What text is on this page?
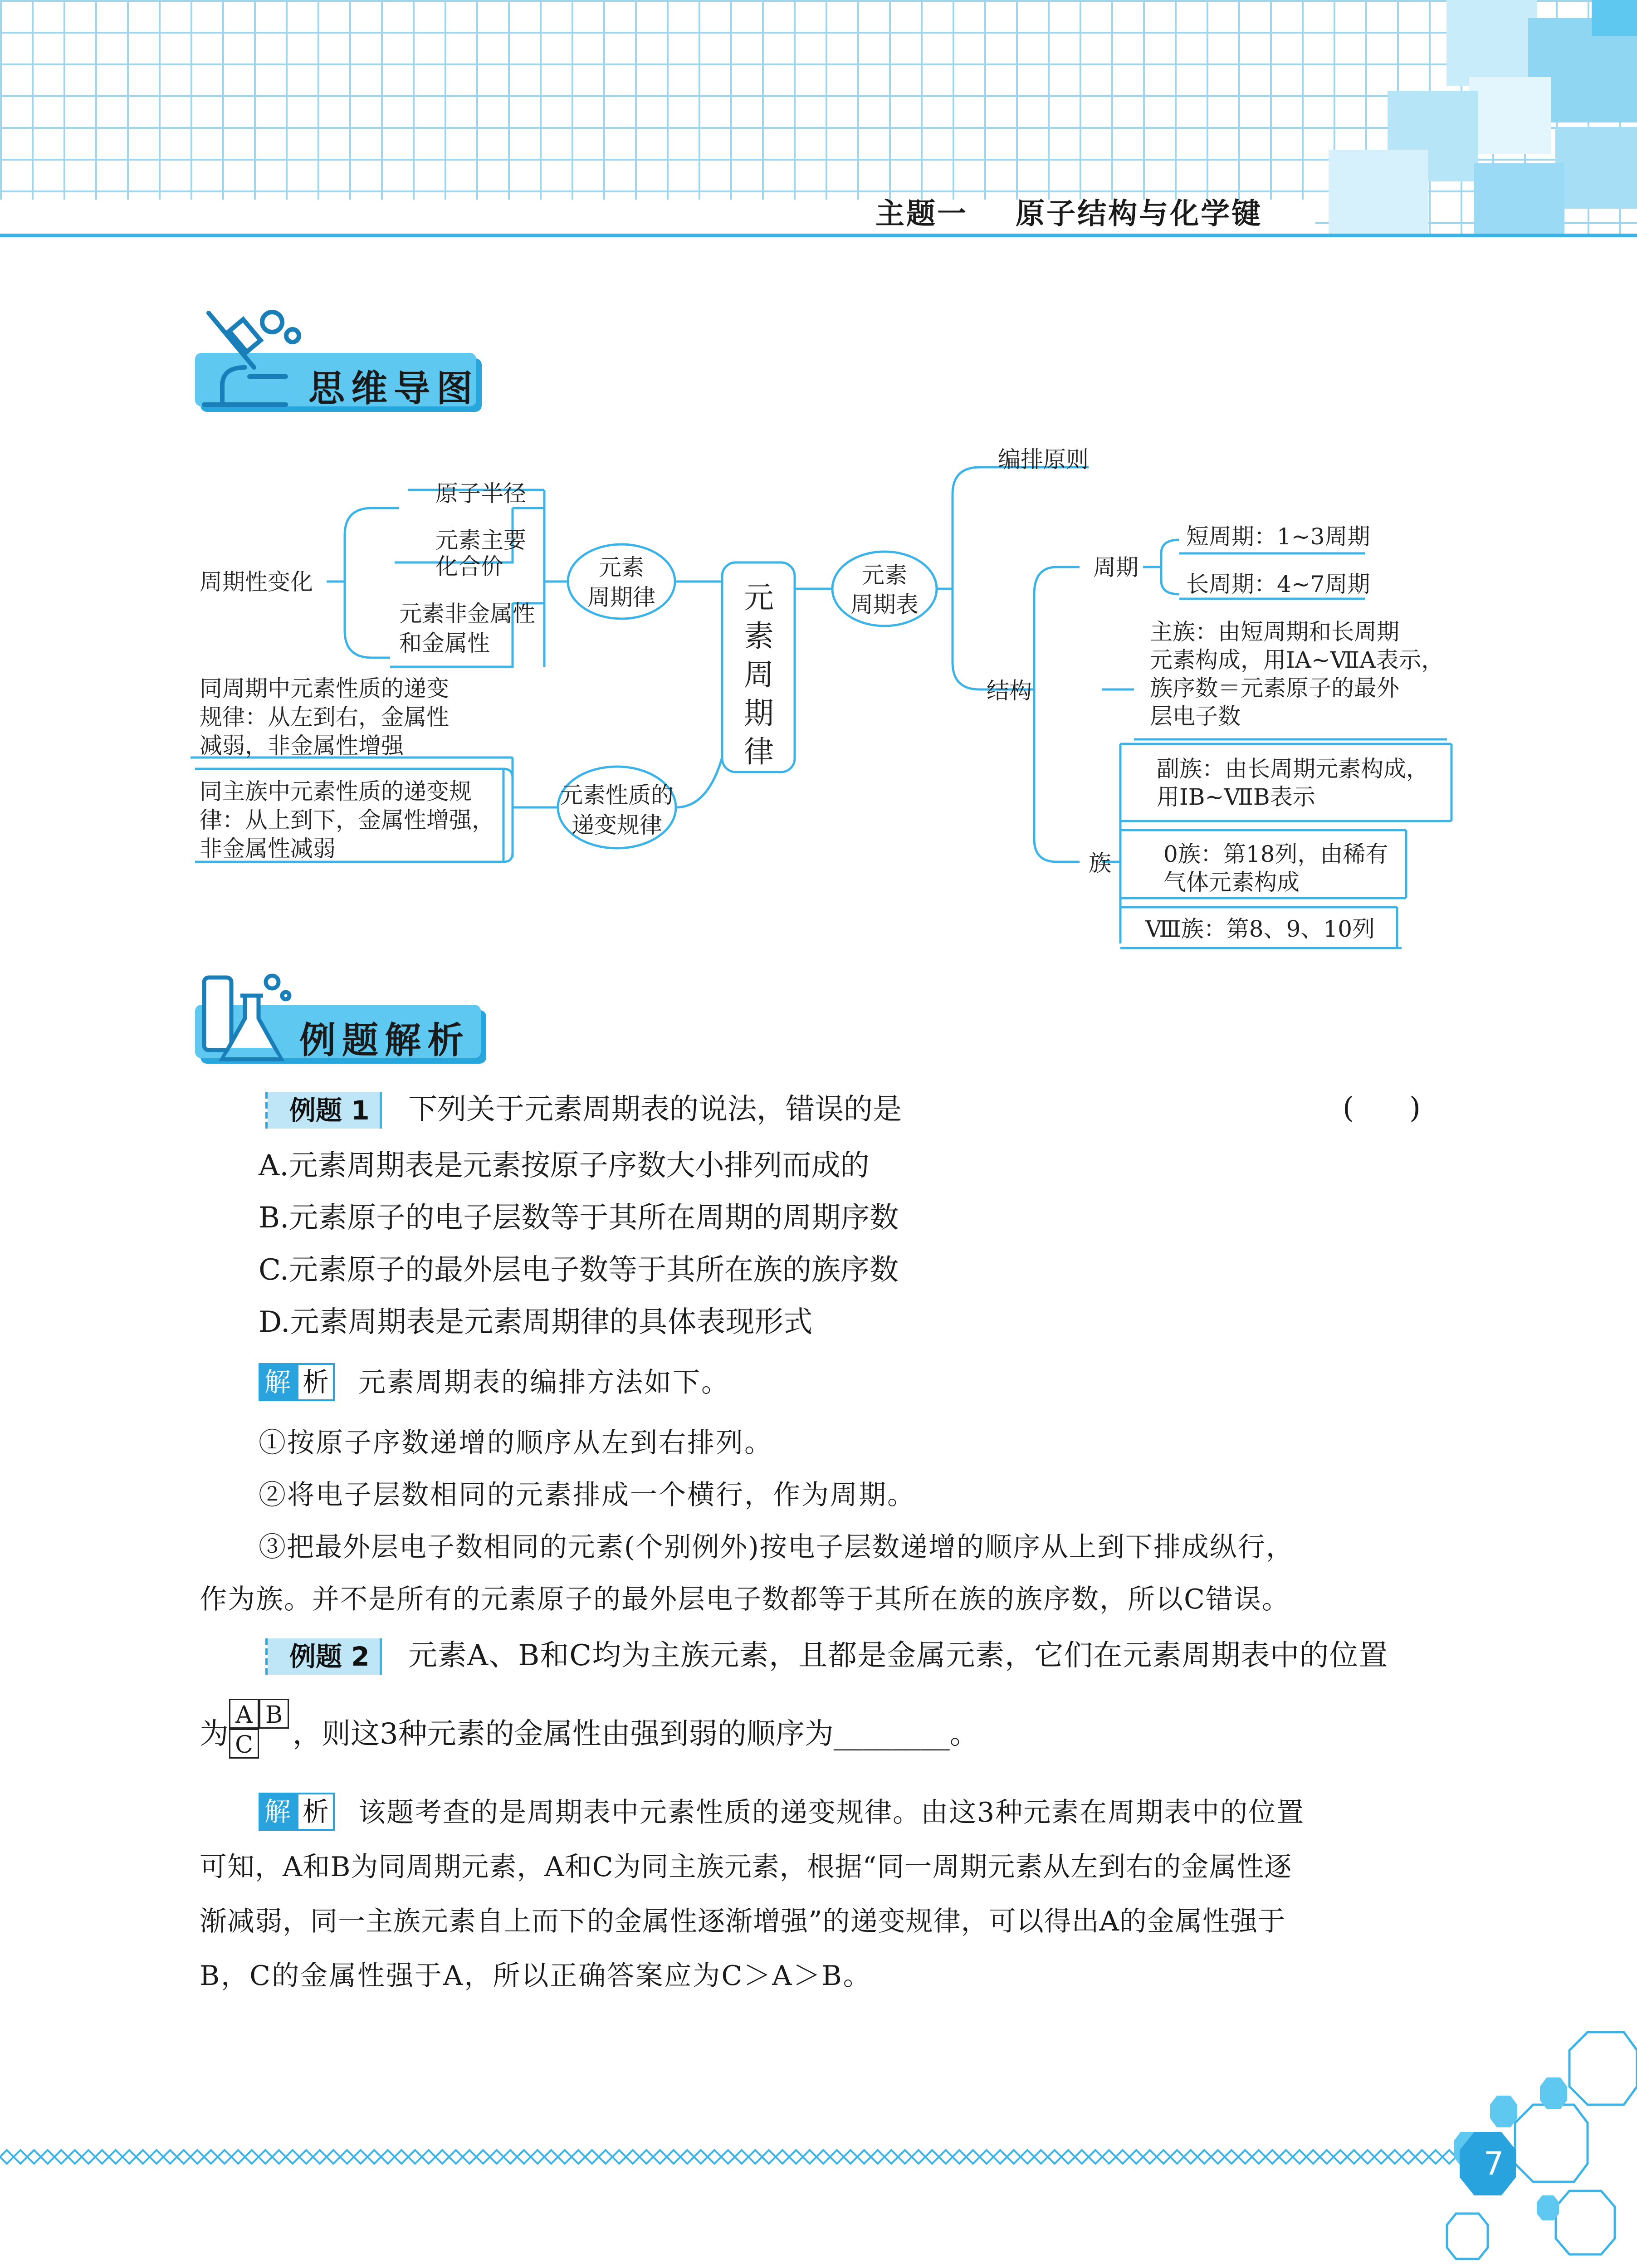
主题一    原子结构与化学键
思维导图
元
素
周
期
律
元素
周期律
元素性质的
递变规律
周期性变化
原子半径
元素主要
化合价
元素非金属性
和金属性
同周期中元素性质的递变
规律：从左到右，金属性
减弱，非金属性增强
同主族中元素性质的递变规
律：从上到下，金属性增强，
非金属性减弱
元素
周期表
编排原则
结构
周期
短周期：1~3周期
长周期：4~7周期
主族：由短周期和长周期
元素构成，用IA~ⅦA表示，
族序数＝元素原子的最外
层电子数
族
副族：由长周期元素构成，
用IB~ⅦB表示
0族：第18列，由稀有
气体元素构成
Ⅷ族：第8、9、10列
例题解析
例题 1	下列关于元素周期表的说法，错误的是	(      )
A.元素周期表是元素按原子序数大小排列而成的
B.元素原子的电子层数等于其所在周期的周期序数
C.元素原子的最外层电子数等于其所在族的族序数
D.元素周期表是元素周期律的具体表现形式
解 析 元素周期表的编排方法如下。
①按原子序数递增的顺序从左到右排列。
②将电子层数相同的元素排成一个横行，作为周期。
③把最外层电子数相同的元素(个别例外)按电子层数递增的顺序从上到下排成纵行，
作为族。并不是所有的元素原子的最外层电子数都等于其所在族的族序数，所以C错误。
例题 2	元素A、B和C均为主族元素，且都是金属元素，它们在元素周期表中的位置
为
A B
C ，则这3种元素的金属性由强到弱的顺序为________。
解 析 该题考查的是周期表中元素性质的递变规律。由这3种元素在周期表中的位置
可知，A和B为同周期元素，A和C为同主族元素，根据“同一周期元素从左到右的金属性逐
渐减弱，同一主族元素自上而下的金属性逐渐增强”的递变规律，可以得出A的金属性强于
B，C的金属性强于A，所以正确答案应为C＞A＞B。
7
